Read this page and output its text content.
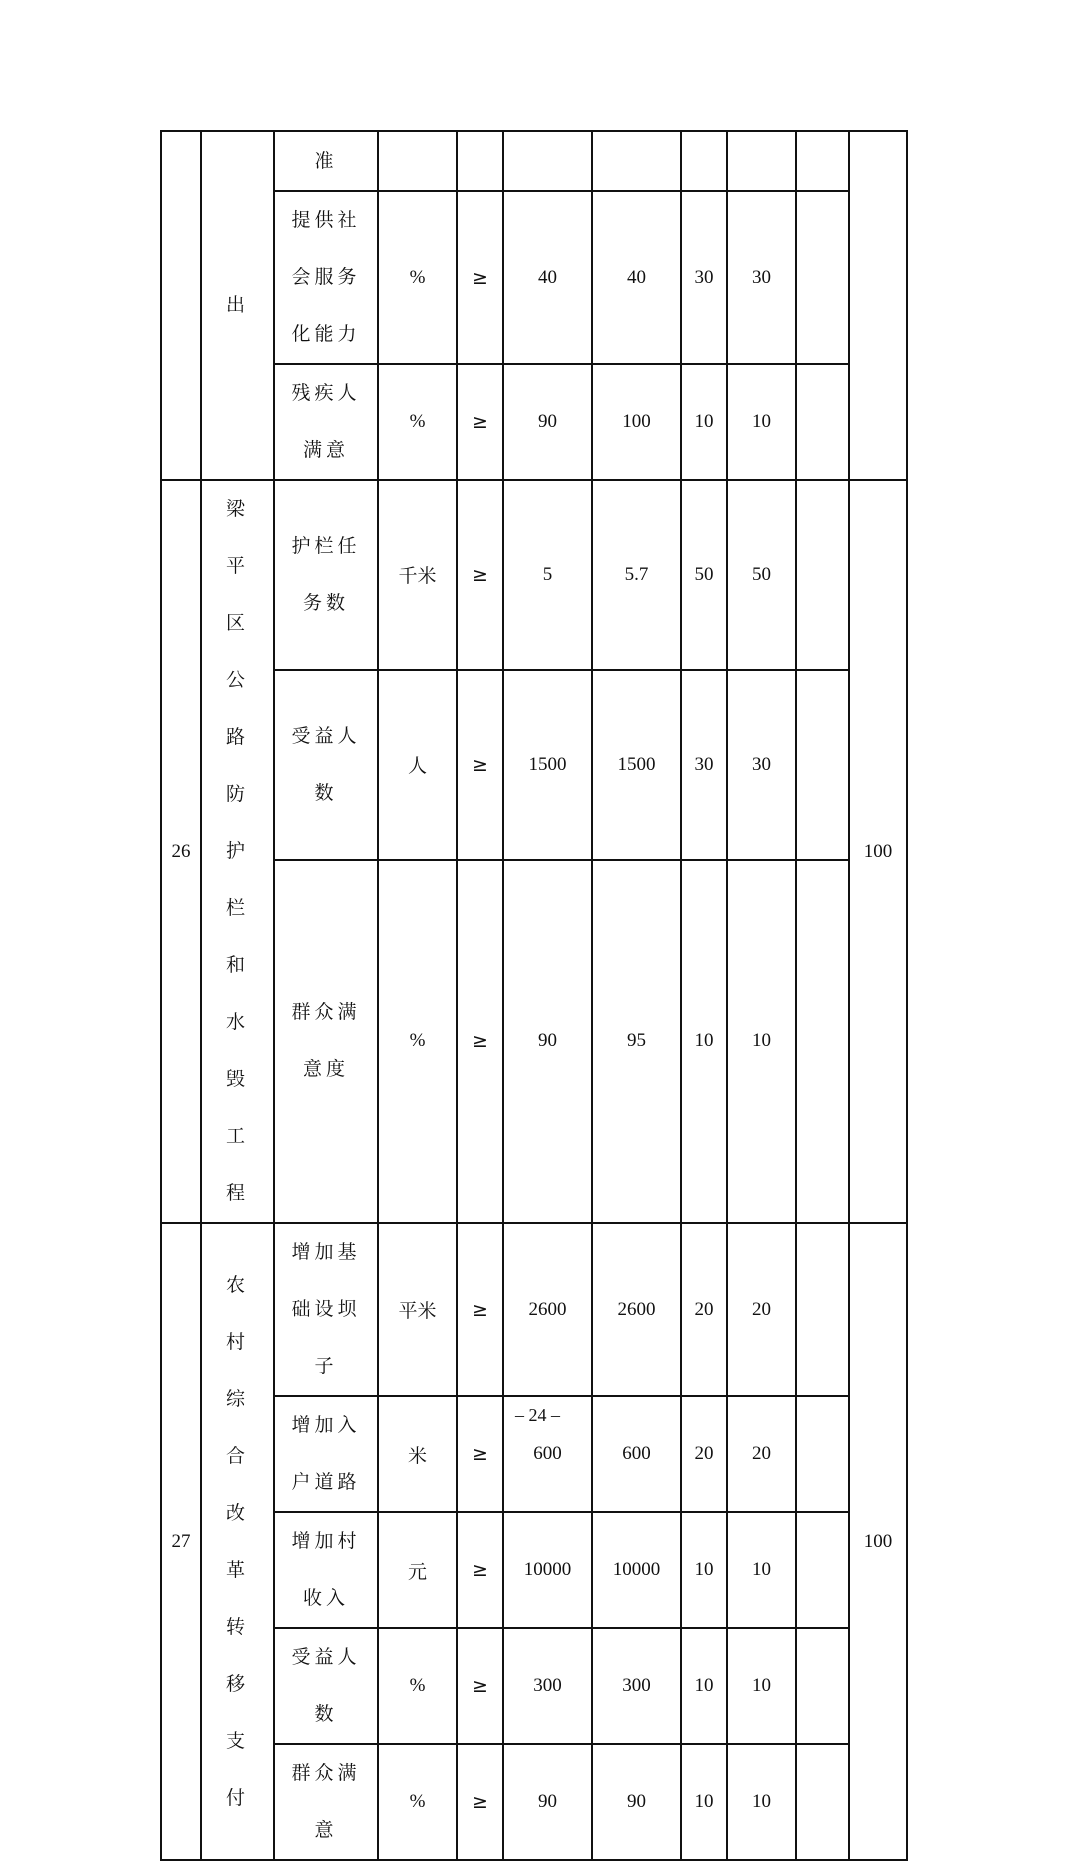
	出	准								

		提供社会服务化能力	%	≥	40	40	30	30		

		残疾人满意	%	≥	90	100	10	10		
26	梁平区公路防护栏和水毁工程	护栏任务数	千米	≥	5	5.7	50	50		100

		受益人数	人	≥	1500	1500	30	30		

		群众满意度	%	≥	90	95	10	10		
27	农村综合改革转移支付	增加基础设坝子	平米	≥	2600	2600	20	20		100

		增加入户道路	米	≥	600	600	20	20		

		增加村收入	元	≥	10000	10000	10	10		

		受益人数	%	≥	300	300	10	10		

		群众满意	%	≥	90	90	10	10		
– 24 –
